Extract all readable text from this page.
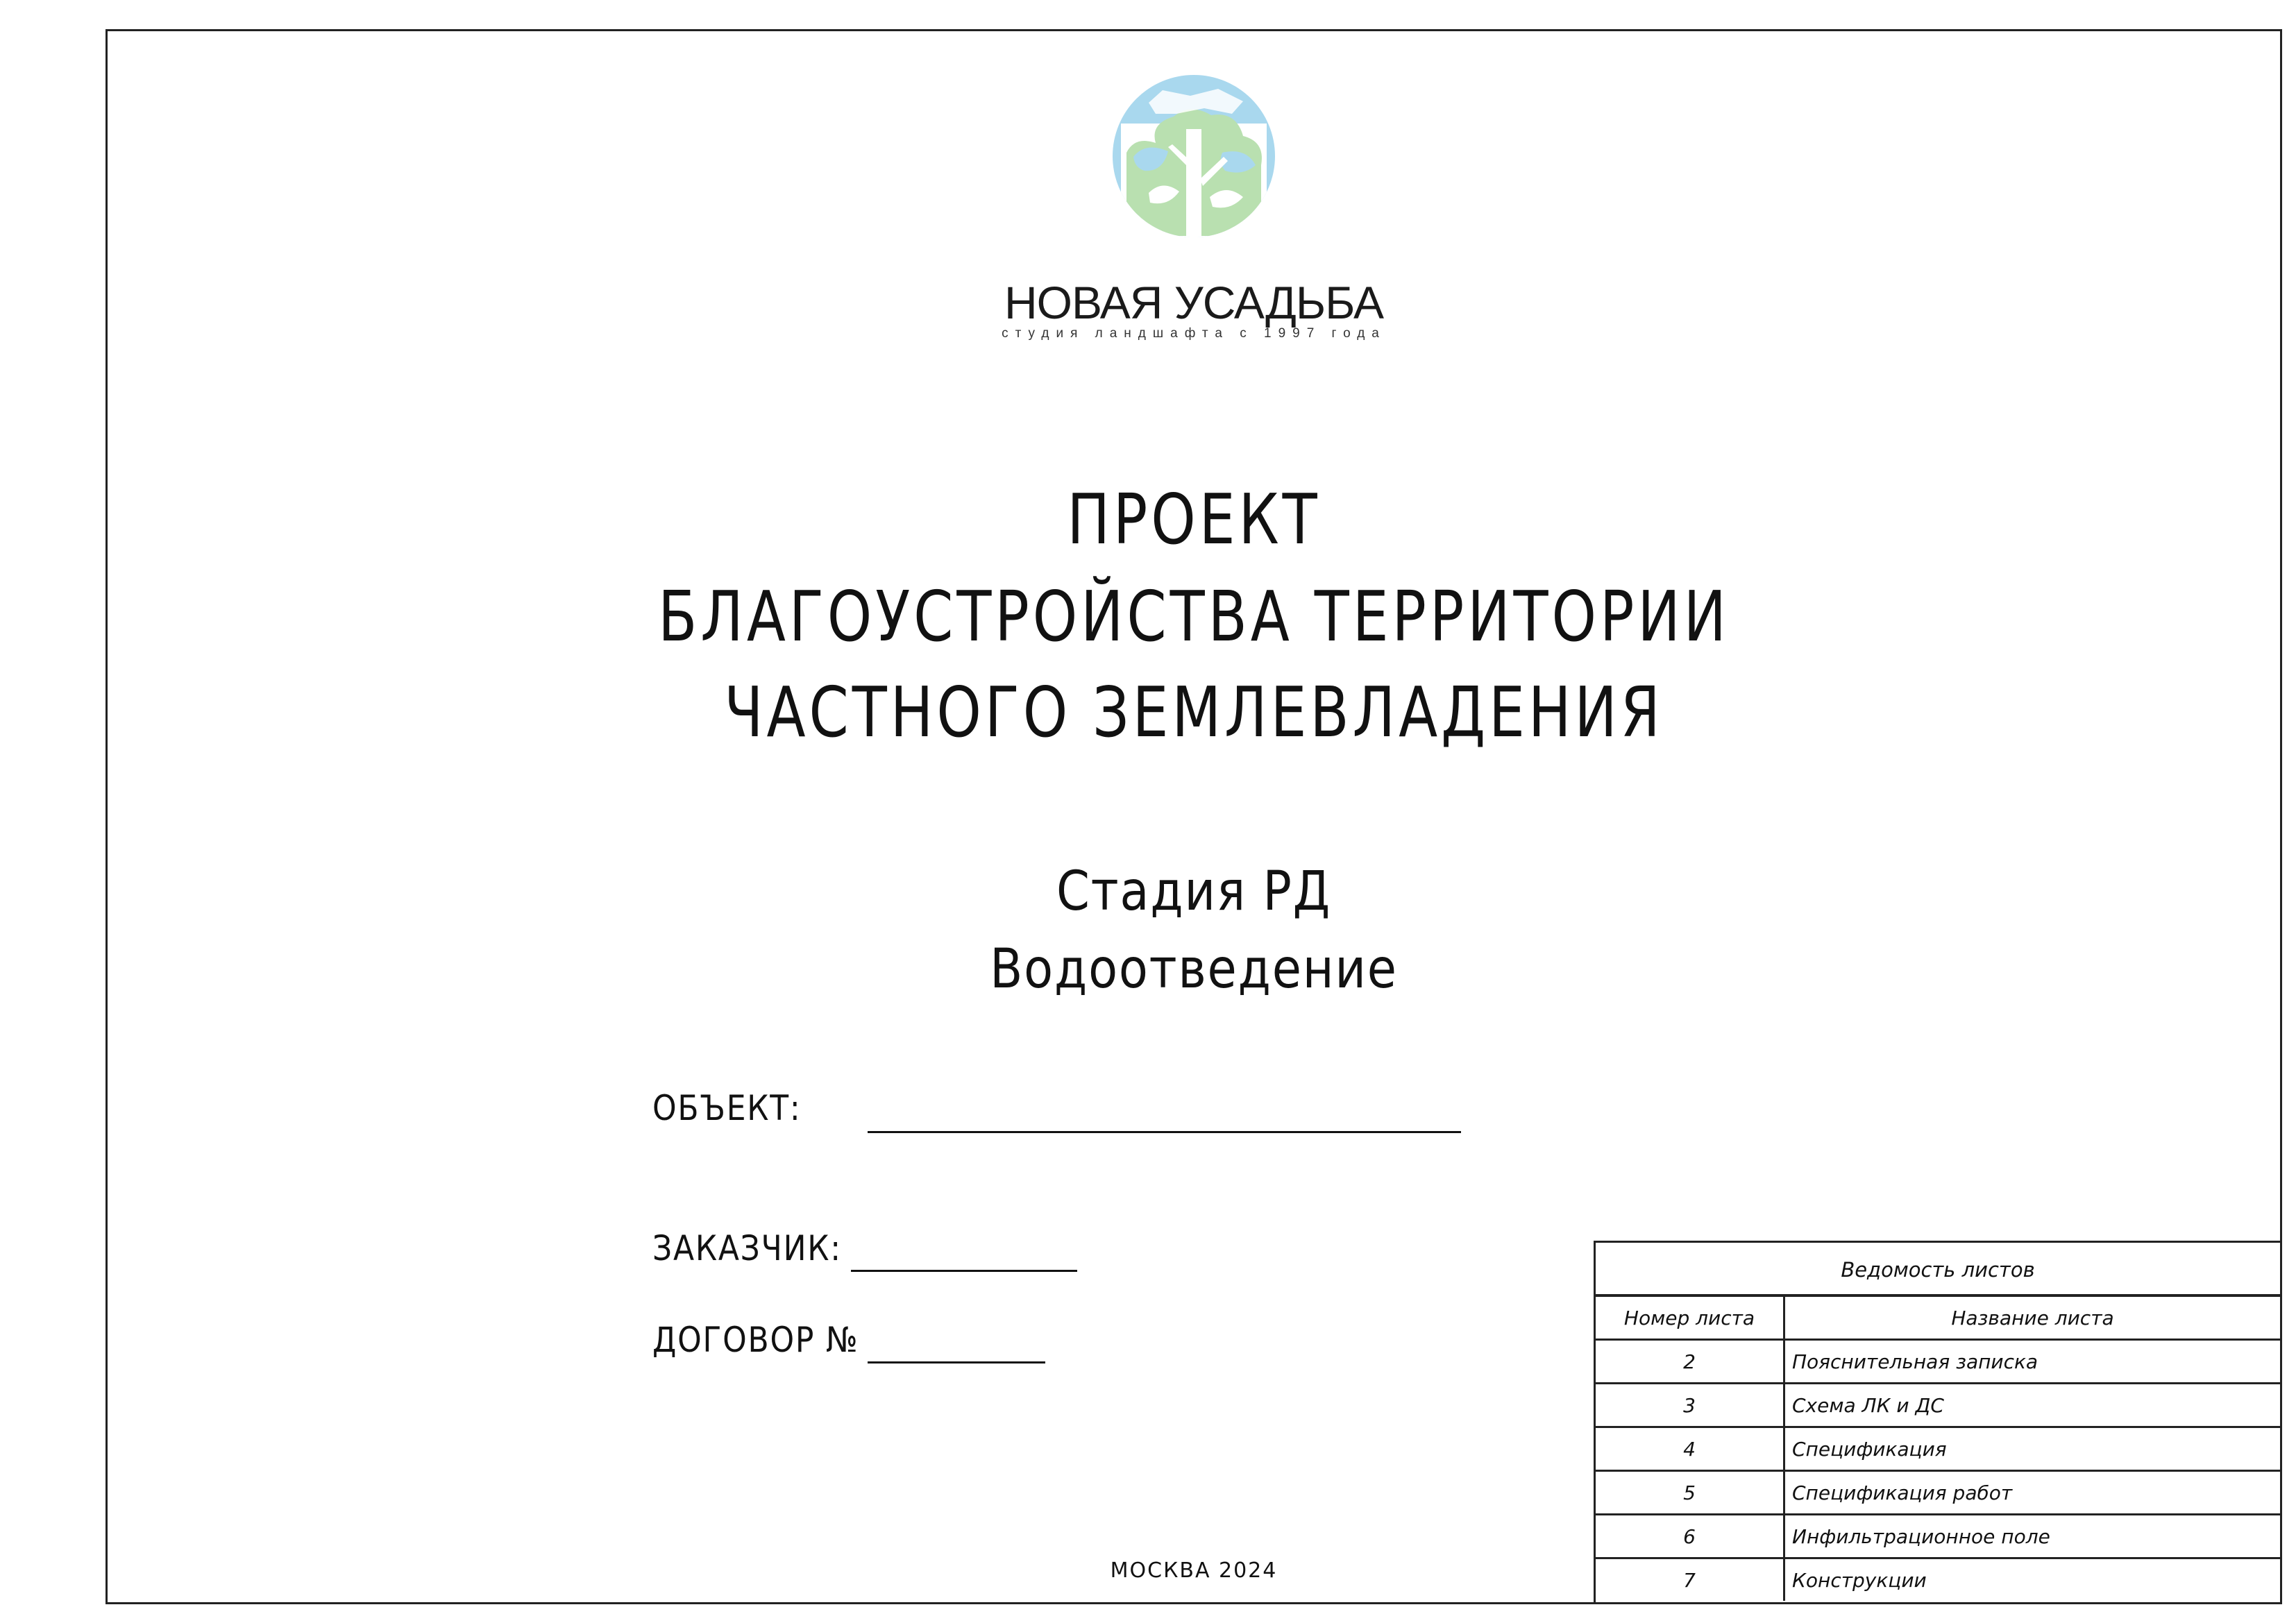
НОВАЯ УСАДЬБА
студия ландшафта с 1997 года
ПРОЕКТ
БЛАГОУСТРОЙСТВА ТЕРРИТОРИИ
ЧАСТНОГО ЗЕМЛЕВЛАДЕНИЯ
Стадия РД
Водоотведение
ОБЪЕКТ:
ЗАКАЗЧИК:
ДОГОВОР №
МОСКВА 2024
Ведомость листов
Номер листа	Название листа
2	Пояснительная записка
3	Схема ЛК и ДС
4	Спецификация
5	Спецификация работ
6	Инфильтрационное поле
7	Конструкции
